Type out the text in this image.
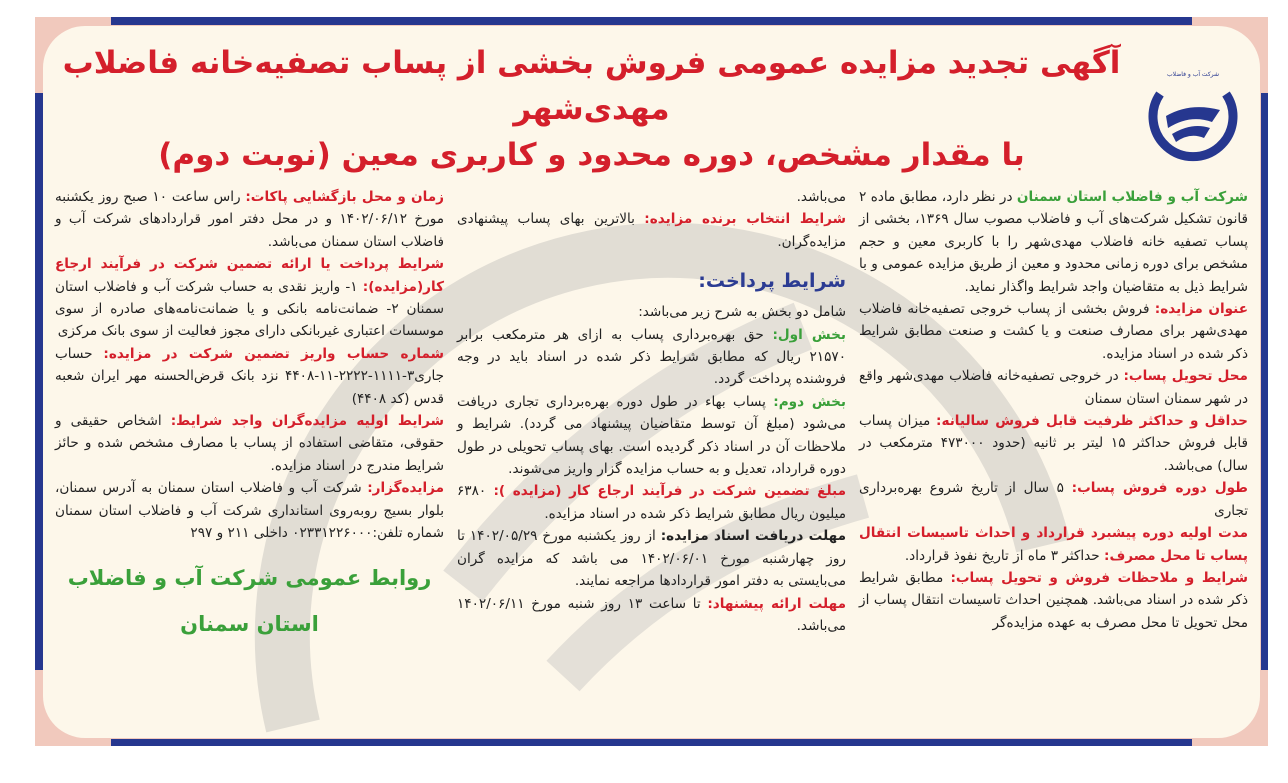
شرکت آب و فاضلاب
آگهی تجدید مزایده عمومی فروش بخشی از پساب تصفیه‌خانه فاضلاب مهدی‌شهر
با مقدار مشخص، دوره محدود و کاربری معین (نوبت دوم)

شرکت آب و فاضلاب استان سمنان در نظر دارد، مطابق ماده ۲ قانون تشکیل شرکت‌های آب و فاضلاب مصوب سال ۱۳۶۹، بخشی از پساب تصفیه خانه فاضلاب مهدی‌شهر را با کاربری معین و حجم مشخص برای دوره زمانی محدود و معین از طریق مزایده عمومی و با شرایط ذیل به متقاضیان واجد شرایط واگذار نماید.

عنوان مزایده: فروش بخشی از پساب خروجی تصفیه‌خانه فاضلاب مهدی‌شهر برای مصارف صنعت و یا کشت و صنعت مطابق شرایط ذکر شده در اسناد مزایده.

محل تحویل پساب: در خروجی تصفیه‌خانه فاضلاب مهدی‌شهر واقع در شهر سمنان استان سمنان

حداقل و حداکثر ظرفیت قابل فروش سالیانه: میزان پساب قابل فروش حداکثر ۱۵ لیتر بر ثانیه (حدود ۴۷۳۰۰۰ مترمکعب در سال) می‌باشد.

طول دوره فروش پساب: ۵ سال از تاریخ شروع بهره‌برداری تجاری

مدت اولیه دوره پیشبرد قرارداد و احداث تاسیسات انتقال پساب تا محل مصرف: حداکثر ۳ ماه از تاریخ نفوذ قرارداد.

شرایط و ملاحظات فروش و تحویل پساب: مطابق شرایط ذکر شده در اسناد می‌باشد. همچنین احداث تاسیسات انتقال پساب از محل تحویل تا محل مصرف به عهده مزایده‌گر

می‌باشد.

شرایط انتخاب برنده مزایده: بالاترین بهای پساب پیشنهادی مزایده‌گران.

شرایط پرداخت:

شامل دو بخش به شرح زیر می‌باشد:

بخش اول: حق بهره‌برداری پساب به ازای هر مترمکعب برابر ۲۱۵۷۰ ریال که مطابق شرایط ذکر شده در اسناد باید در وجه فروشنده پرداخت گردد.

بخش دوم: پساب بهاء در طول دوره بهره‌برداری تجاری دریافت می‌شود (مبلغ آن توسط متقاضیان پیشنهاد می گردد). شرایط و ملاحظات آن در اسناد ذکر گردیده است. بهای پساب تحویلی در طول دوره قرارداد، تعدیل و به حساب مزایده گزار واریز می‌شوند.

مبلغ تضمین شرکت در فرآیند ارجاع کار (مزایده ): ۶۳۸۰ میلیون ریال مطابق شرایط ذکر شده در اسناد مزایده.

مهلت دریافت اسناد مزایده: از روز یکشنبه مورخ ۱۴۰۲/۰۵/۲۹ تا روز چهارشنبه مورخ ۱۴۰۲/۰۶/۰۱ می باشد که مزایده گران می‌بایستی به دفتر امور قراردادها مراجعه نمایند.

مهلت ارائه پیشنهاد: تا ساعت ۱۳ روز شنبه مورخ ۱۴۰۲/۰۶/۱۱ می‌باشد.

زمان و محل بازگشایی پاکات: راس ساعت ۱۰ صبح روز یکشنبه مورخ ۱۴۰۲/۰۶/۱۲ و در محل دفتر امور قراردادهای شرکت آب و فاضلاب استان سمنان می‌باشد.

شرایط پرداخت یا ارائه تضمین شرکت در فرآیند ارجاع کار(مزایده): ۱- واریز نقدی به حساب شرکت آب و فاضلاب استان سمنان ۲- ضمانت‌نامه بانکی و یا ضمانت‌نامه‌های صادره از سوی موسسات اعتباری غیربانکی دارای مجوز فعالیت از سوی بانک مرکزی

شماره حساب واریز تضمین شرکت در مزایده: حساب جاری۳-۱۱۱۱-۲۲۲۲-۱۱-۴۴۰۸ نزد بانک قرض‌الحسنه مهر ایران شعبه قدس (کد ۴۴۰۸)

شرایط اولیه مزایده‌گران واجد شرایط: اشخاص حقیقی و حقوقی، متقاضی استفاده از پساب با مصارف مشخص شده و حائز شرایط مندرج در اسناد مزایده.

مزایده‌گزار: شرکت آب و فاضلاب استان سمنان به آدرس سمنان، بلوار بسیج روبه‌روی استانداری شرکت آب و فاضلاب استان سمنان شماره تلفن:۰۲۳۳۱۲۲۶۰۰۰ داخلی ۲۱۱ و ۲۹۷

روابط عمومی شرکت آب و فاضلاب
استان سمنان
